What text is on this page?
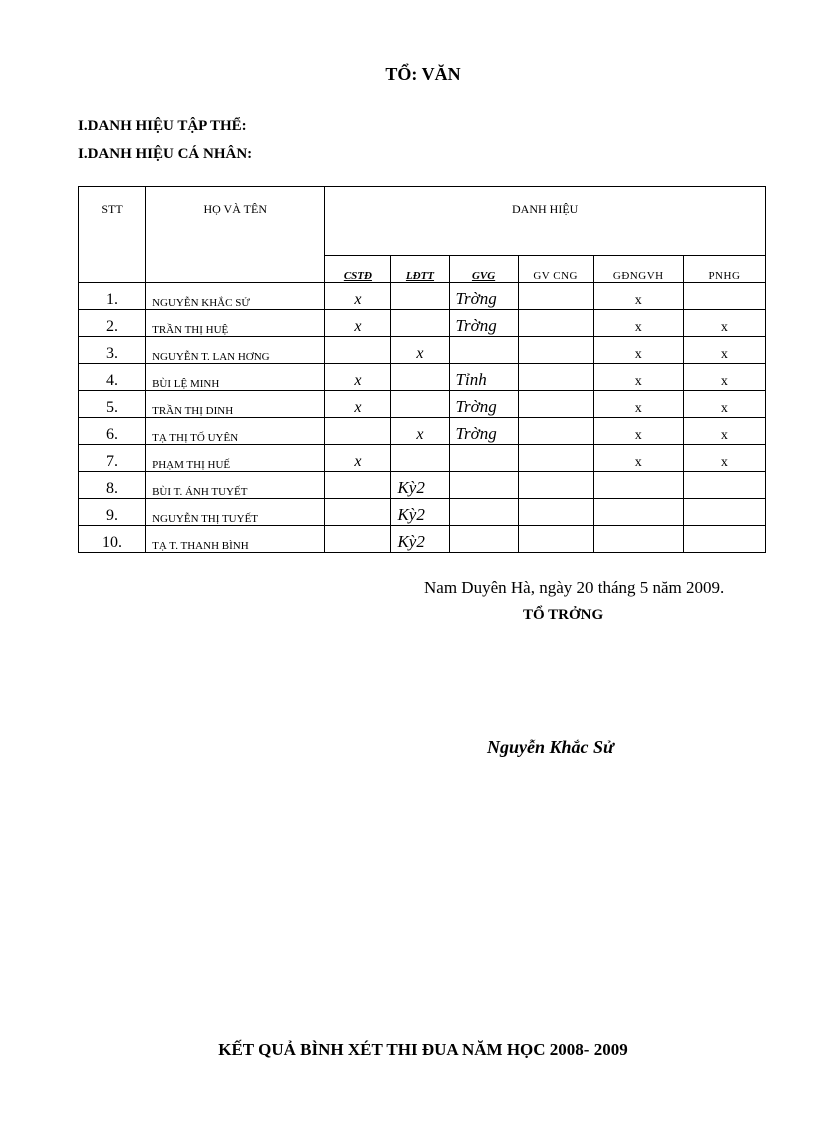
TỔ: VĂN
I.DANH HIỆU TẬP THỂ:
I.DANH HIỆU CÁ NHÂN:
STT	HỌ VÀ TÊN	DANH HIỆU					
		CSTĐ	LĐTT	GVG	GV CNG	GĐNGVH	PNHG
1.	NGUYỄN KHẮC SỬ	x		Trờng		x	
2.	TRẦN THỊ HUỆ	x		Trờng		x	x
3.	NGUYỄN T. LAN HƠNG		x			x	x
4.	BÙI LỆ MINH	x		Tỉnh		x	x
5.	TRẦN THỊ DINH	x		Trờng		x	x
6.	TẠ THỊ TỐ UYÊN		x	Trờng		x	x
7.	PHẠM THỊ HUẾ	x				x	x
8.	BÙI T. ÁNH TUYẾT		Kỳ2				
9.	NGUYỄN THỊ TUYẾT		Kỳ2				
10.	TẠ T. THANH BÌNH		Kỳ2				
Nam Duyên Hà, ngày 20 tháng 5 năm 2009.
TỔ TRỞNG
Nguyễn Khắc Sử
KẾT QUẢ BÌNH XÉT THI ĐUA NĂM HỌC 2008- 2009
